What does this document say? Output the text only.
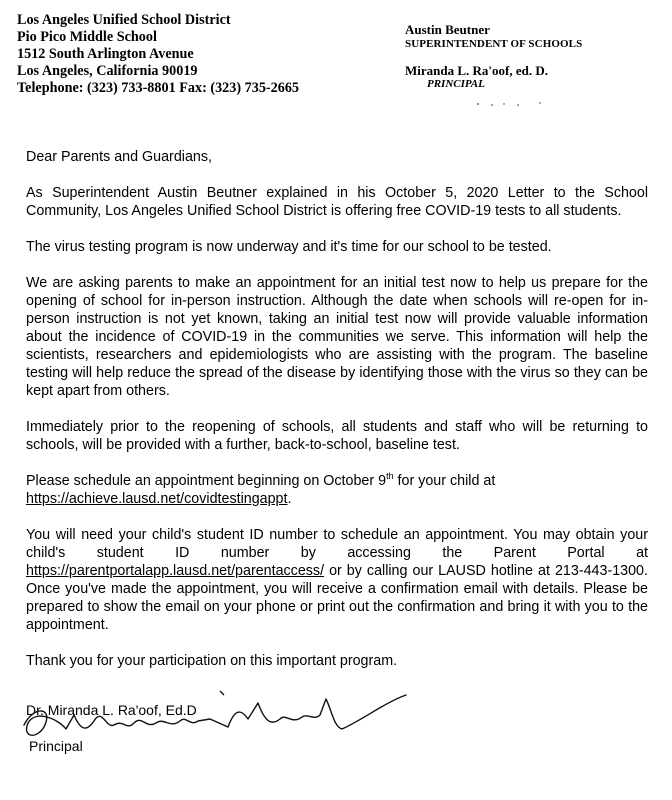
Los Angeles Unified School District
Pio Pico Middle School
1512 South Arlington Avenue
Los Angeles, California 90019
Telephone: (323) 733-8801 Fax: (323) 735-2665
Austin Beutner
SUPERINTENDENT OF SCHOOLS
Miranda L. Ra'oof, ed. D.
PRINCIPAL

Dear Parents and Guardians,

As Superintendent Austin Beutner explained in his October 5, 2020 Letter to the School Community, Los Angeles Unified School District is offering free COVID-19 tests to all students.

The virus testing program is now underway and it's time for our school to be tested.

We are asking parents to make an appointment for an initial test now to help us prepare for the opening of school for in-person instruction. Although the date when schools will re-open for in-person instruction is not yet known, taking an initial test now will provide valuable information about the incidence of COVID-19 in the communities we serve. This information will help the scientists, researchers and epidemiologists who are assisting with the program. The baseline testing will help reduce the spread of the disease by identifying those with the virus so they can be kept apart from others.

Immediately prior to the reopening of schools, all students and staff who will be returning to schools, will be provided with a further, back-to-school, baseline test.

Please schedule an appointment beginning on October 9th for your child at
https://achieve.lausd.net/covidtestingappt.

You will need your child's student ID number to schedule an appointment. You may obtain your child's student ID number by accessing the Parent Portal at https://parentportalapp.lausd.net/parentaccess/ or by calling our LAUSD hotline at 213-443-1300. Once you've made the appointment, you will receive a confirmation email with details. Please be prepared to show the email on your phone or print out the confirmation and bring it with you to the appointment.

Thank you for your participation on this important program.

Dr. Miranda L. Ra'oof, Ed.D
Principal
